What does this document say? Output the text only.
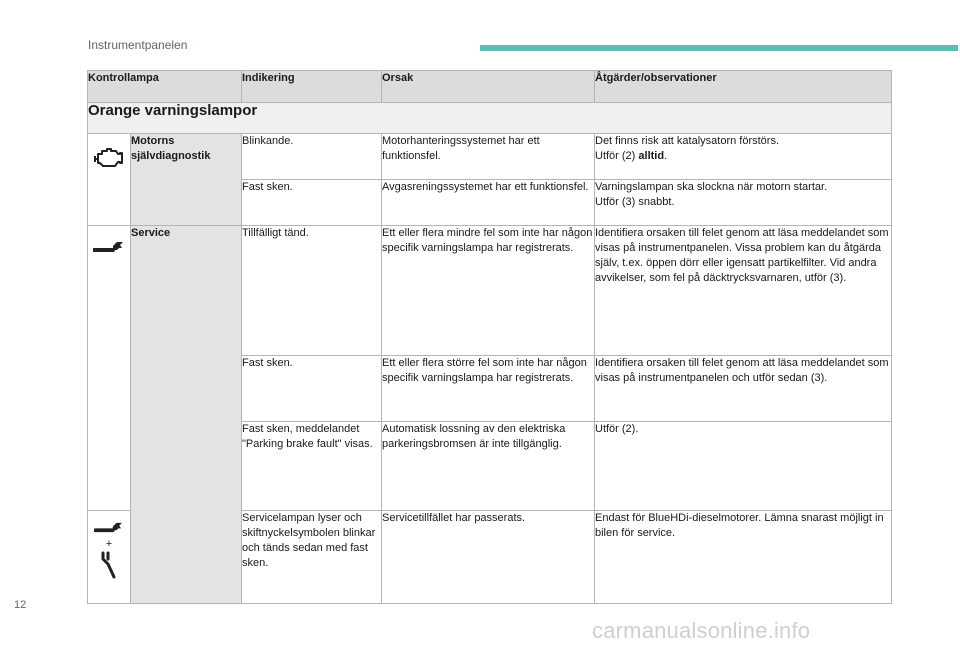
Instrumentpanelen
Kontrollampa		Indikering	Orsak	Åtgärder/observationer
Orange varningslampor				
	Motorns självdiagnostik	Blinkande.	Motorhanteringssystemet har ett funktionsfel.	Det finns risk att katalysatorn förstörs.
Utför (2) alltid.

		Fast sken.	Avgasreningssystemet har ett funktionsfel.	Varningslampan ska slockna när motorn startar.
Utför (3) snabbt.

	Service	Tillfälligt tänd.	Ett eller flera mindre fel som inte har någon specifik varningslampa har registrerats.	Identifiera orsaken till felet genom att läsa meddelandet som visas på instrumentpanelen. Vissa problem kan du åtgärda själv, t.ex. öppen dörr eller igensatt partikelfilter. Vid andra avvikelser, som fel på däcktrycksvarnaren, utför (3).
		Fast sken.	Ett eller flera större fel som inte har någon specifik varningslampa har registrerats.	Identifiera orsaken till felet genom att läsa meddelandet som visas på instrumentpanelen och utför sedan (3).
		Fast sken, meddelandet "Parking brake fault" visas.	Automatisk lossning av den elektriska parkeringsbromsen är inte tillgänglig.	Utför (2).

+		Servicelampan lyser och skiftnyckelsymbolen blinkar och tänds sedan med fast sken.	Servicetillfället har passerats.	Endast för BlueHDi-dieselmotorer. Lämna snarast möjligt in bilen för service.
12
carmanualsonline.info
